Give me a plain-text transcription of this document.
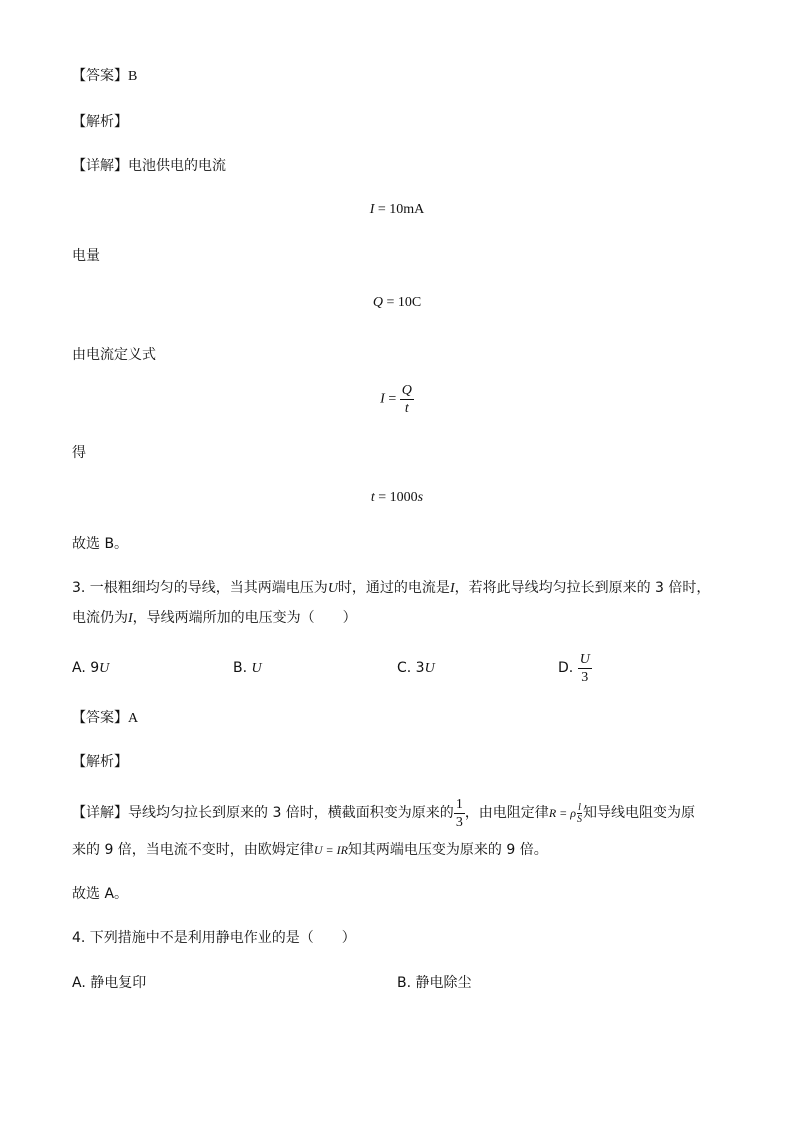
【答案】B
【解析】
【详解】电池供电的电流
I = 10mA
电量
Q = 10C
由电流定义式
$I = \frac{Q}{t}$
得
t = 1000s
故选 B。
3. 一根粗细均匀的导线，当其两端电压为U时，通过的电流是I，若将此导线均匀拉长到原来的 3 倍时，
电流仍为I，导线两端所加的电压变为（　　）
A. 9U	B. U	C. 3U	D. $\frac{U}{3}$
【答案】A
【解析】
【详解】导线均匀拉长到原来的 3 倍时，横截面积变为原来的 $\frac{1}{3}$ ，由电阻定律R = ρ $\frac{l}{S}$ 知导线电阻变为原
来的 9 倍，当电流不变时，由欧姆定律U = IR知其两端电压变为原来的 9 倍。
故选 A。
4. 下列措施中不是利用静电作业的是（　　）
A. 静电复印	B. 静电除尘
